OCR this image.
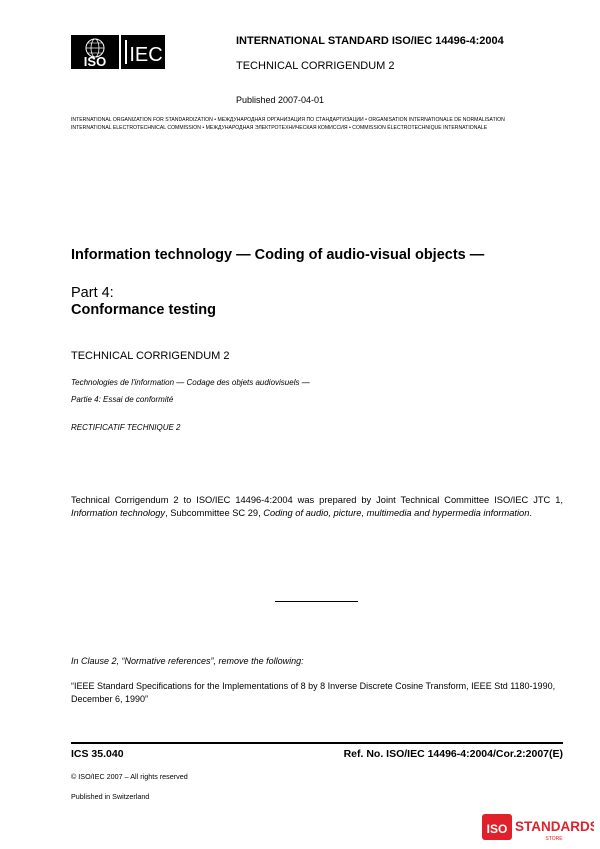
ISO IEC
INTERNATIONAL STANDARD ISO/IEC 14496-4:2004
TECHNICAL CORRIGENDUM 2
Published 2007-04-01
INTERNATIONAL ORGANIZATION FOR STANDARDIZATION • МЕЖДУНАРОДНАЯ ОРГАНИЗАЦИЯ ПО СТАНДАРТИЗАЦИИ • ORGANISATION INTERNATIONALE DE NORMALISATION
INTERNATIONAL ELECTROTECHNICAL COMMISSION • МЕЖДУНАРОДНАЯ ЭЛЕКТРОТЕХНИЧЕСКАЯ КОМИССИЯ • COMMISSION ÉLECTROTECHNIQUE INTERNATIONALE
Information technology — Coding of audio-visual objects —
Part 4:
Conformance testing
TECHNICAL CORRIGENDUM 2
Technologies de l'information — Codage des objets audiovisuels —
Partie 4: Essai de conformité
RECTIFICATIF TECHNIQUE 2
Technical Corrigendum 2 to ISO/IEC 14496-4:2004 was prepared by Joint Technical Committee ISO/IEC JTC 1, Information technology, Subcommittee SC 29, Coding of audio, picture, multimedia and hypermedia information.
In Clause 2, “Normative references”, remove the following:
“IEEE Standard Specifications for the Implementations of 8 by 8 Inverse Discrete Cosine Transform, IEEE Std 1180-1990, December 6, 1990”
ICS 35.040	Ref. No. ISO/IEC 14496-4:2004/Cor.2:2007(E)
© ISO/IEC 2007 – All rights reserved
Published in Switzerland
ISO STANDARDS
STORE
